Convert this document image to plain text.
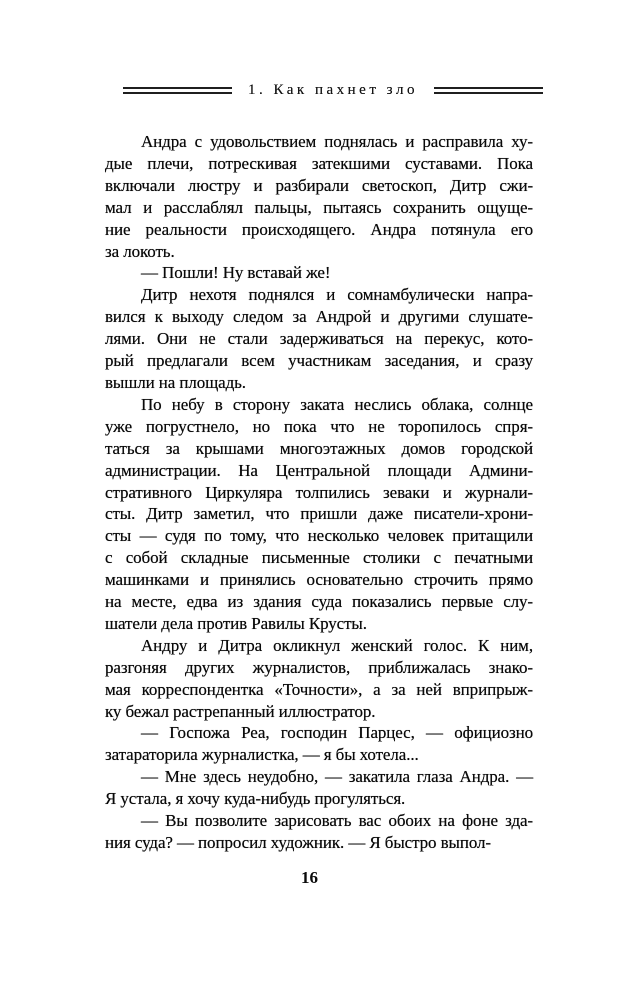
1. Как пахнет зло
Андра с удовольствием поднялась и расправила ху-
дые плечи, потрескивая затекшими суставами. Пока
включали люстру и разбирали светоскоп, Дитр сжи-
мал и расслаблял пальцы, пытаясь сохранить ощуще-
ние реальности происходящего. Андра потянула его
за локоть.
— Пошли! Ну вставай же!
Дитр нехотя поднялся и сомнамбулически напра-
вился к выходу следом за Андрой и другими слушате-
лями. Они не стали задерживаться на перекус, кото-
рый предлагали всем участникам заседания, и сразу
вышли на площадь.
По небу в сторону заката неслись облака, солнце
уже погрустнело, но пока что не торопилось спря-
таться за крышами многоэтажных домов городской
администрации. На Центральной площади Админи-
стративного Циркуляра толпились зеваки и журнали-
сты. Дитр заметил, что пришли даже писатели-хрони-
сты — судя по тому, что несколько человек притащили
с собой складные письменные столики с печатными
машинками и принялись основательно строчить прямо
на месте, едва из здания суда показались первые слу-
шатели дела против Равилы Крусты.
Андру и Дитра окликнул женский голос. К ним,
разгоняя других журналистов, приближалась знако-
мая корреспондентка «Точности», а за ней вприпрыж-
ку бежал растрепанный иллюстратор.
— Госпожа Реа, господин Парцес, — официозно
затараторила журналистка, — я бы хотела...
— Мне здесь неудобно, — закатила глаза Андра. —
Я устала, я хочу куда-нибудь прогуляться.
— Вы позволите зарисовать вас обоих на фоне зда-
ния суда? — попросил художник. — Я быстро выпол-
16
